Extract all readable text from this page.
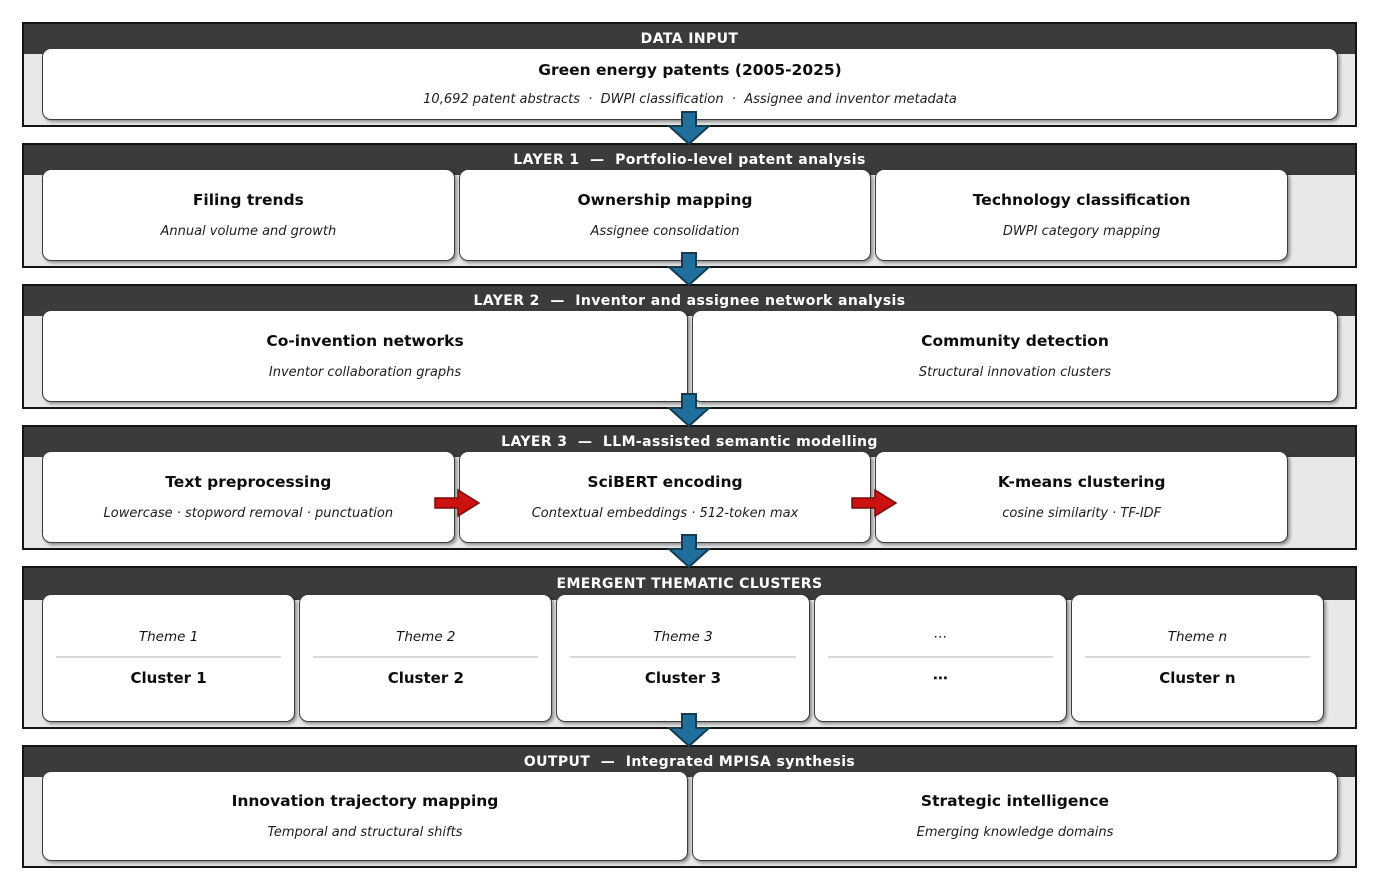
DATA INPUT
Green energy patents (2005-2025)
10,692 patent abstracts  ·  DWPI classification  ·  Assignee and inventor metadata
LAYER 1  —  Portfolio-level patent analysis
Filing trends
Annual volume and growth
Ownership mapping
Assignee consolidation
Technology classification
DWPI category mapping
LAYER 2  —  Inventor and assignee network analysis
Co-invention networks
Inventor collaboration graphs
Community detection
Structural innovation clusters
LAYER 3  —  LLM-assisted semantic modelling
Text preprocessing
Lowercase · stopword removal · punctuation
SciBERT encoding
Contextual embeddings · 512-token max
K-means clustering
cosine similarity · TF-IDF
EMERGENT THEMATIC CLUSTERS
Theme 1
Cluster 1
Theme 2
Cluster 2
Theme 3
Cluster 3
⋯
⋯
Theme n
Cluster n
OUTPUT  —  Integrated MPISA synthesis
Innovation trajectory mapping
Temporal and structural shifts
Strategic intelligence
Emerging knowledge domains
